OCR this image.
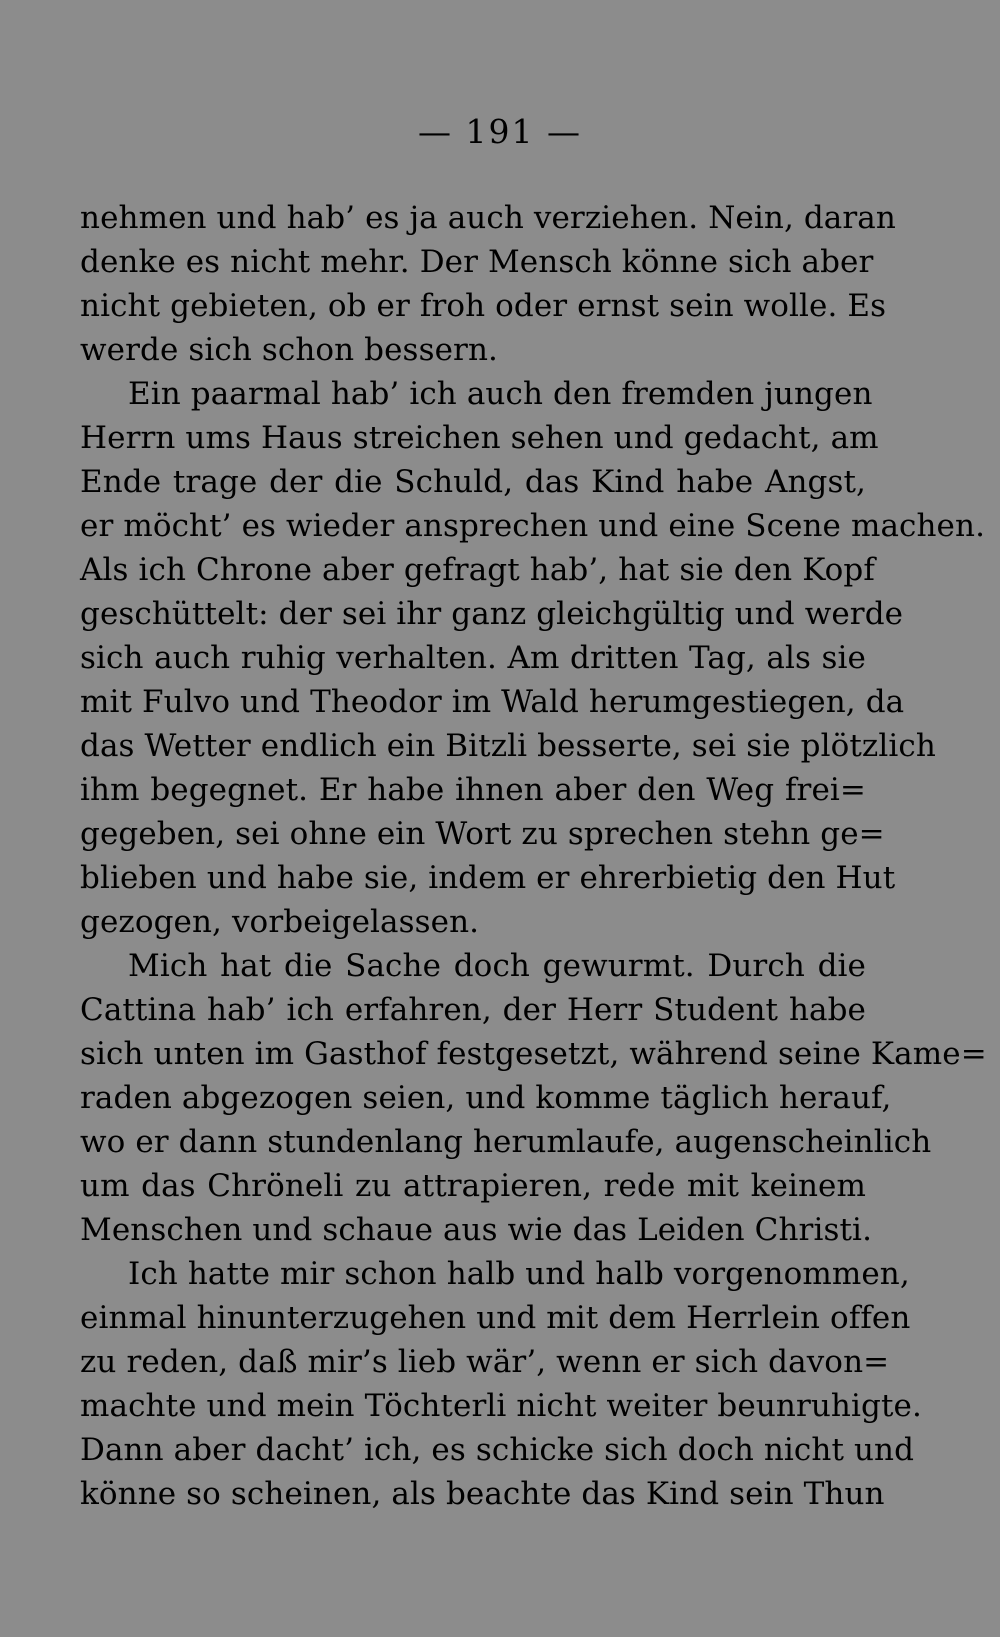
— 191 —
nehmen und hab’ es ja auch verziehen. Nein, daran
denke es nicht mehr. Der Mensch könne sich aber
nicht gebieten, ob er froh oder ernst sein wolle. Es
werde sich schon bessern.
Ein paarmal hab’ ich auch den fremden jungen
Herrn ums Haus streichen sehen und gedacht, am
Ende trage der die Schuld, das Kind habe Angst,
er möcht’ es wieder ansprechen und eine Scene machen.
Als ich Chrone aber gefragt hab’, hat sie den Kopf
geschüttelt: der sei ihr ganz gleichgültig und werde
sich auch ruhig verhalten. Am dritten Tag, als sie
mit Fulvo und Theodor im Wald herumgestiegen, da
das Wetter endlich ein Bitzli besserte, sei sie plötzlich
ihm begegnet. Er habe ihnen aber den Weg frei=
gegeben, sei ohne ein Wort zu sprechen stehn ge=
blieben und habe sie, indem er ehrerbietig den Hut
gezogen, vorbeigelassen.
Mich hat die Sache doch gewurmt. Durch die
Cattina hab’ ich erfahren, der Herr Student habe
sich unten im Gasthof festgesetzt, während seine Kame=
raden abgezogen seien, und komme täglich herauf,
wo er dann stundenlang herumlaufe, augenscheinlich
um das Chröneli zu attrapieren, rede mit keinem
Menschen und schaue aus wie das Leiden Christi.
Ich hatte mir schon halb und halb vorgenommen,
einmal hinunterzugehen und mit dem Herrlein offen
zu reden, daß mir’s lieb wär’, wenn er sich davon=
machte und mein Töchterli nicht weiter beunruhigte.
Dann aber dacht’ ich, es schicke sich doch nicht und
könne so scheinen, als beachte das Kind sein Thun
